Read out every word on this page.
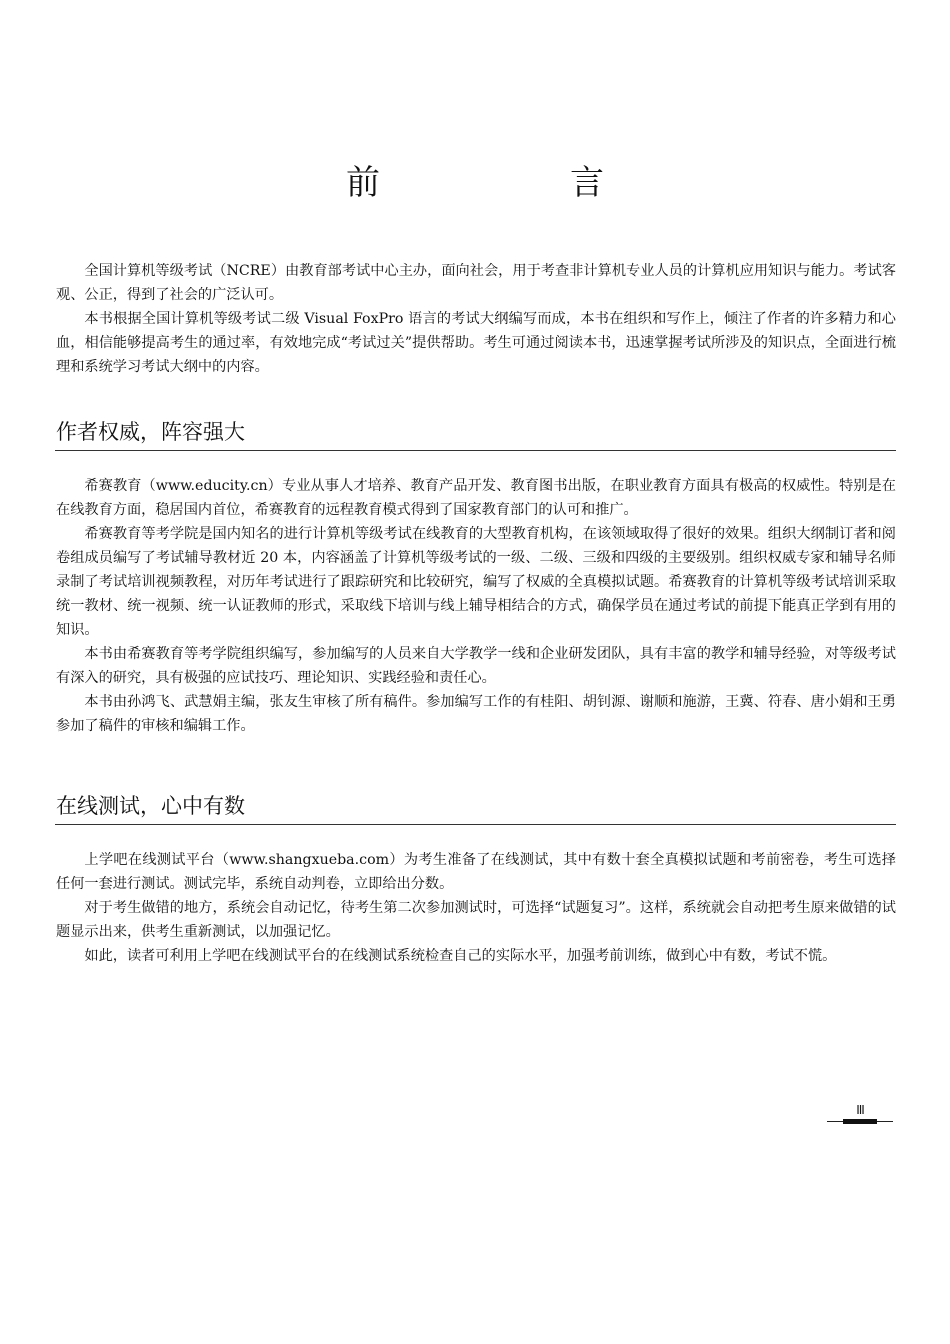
前　言

全国计算机等级考试（NCRE）由教育部考试中心主办，面向社会，用于考查非计算机专业人员的计算机应用知识与能力。考试客观、公正，得到了社会的广泛认可。

本书根据全国计算机等级考试二级 Visual FoxPro 语言的考试大纲编写而成，本书在组织和写作上，倾注了作者的许多精力和心血，相信能够提高考生的通过率，有效地完成“考试过关”提供帮助。考生可通过阅读本书，迅速掌握考试所涉及的知识点，全面进行梳理和系统学习考试大纲中的内容。

作者权威，阵容强大

希赛教育（www.educity.cn）专业从事人才培养、教育产品开发、教育图书出版，在职业教育方面具有极高的权威性。特别是在在线教育方面，稳居国内首位，希赛教育的远程教育模式得到了国家教育部门的认可和推广。

希赛教育等考学院是国内知名的进行计算机等级考试在线教育的大型教育机构，在该领域取得了很好的效果。组织大纲制订者和阅卷组成员编写了考试辅导教材近 20 本，内容涵盖了计算机等级考试的一级、二级、三级和四级的主要级别。组织权威专家和辅导名师录制了考试培训视频教程，对历年考试进行了跟踪研究和比较研究，编写了权威的全真模拟试题。希赛教育的计算机等级考试培训采取统一教材、统一视频、统一认证教师的形式，采取线下培训与线上辅导相结合的方式，确保学员在通过考试的前提下能真正学到有用的知识。

本书由希赛教育等考学院组织编写，参加编写的人员来自大学教学一线和企业研发团队，具有丰富的教学和辅导经验，对等级考试有深入的研究，具有极强的应试技巧、理论知识、实践经验和责任心。

本书由孙鸿飞、武慧娟主编，张友生审核了所有稿件。参加编写工作的有桂阳、胡钊源、谢顺和施游，王冀、符春、唐小娟和王勇参加了稿件的审核和编辑工作。

在线测试，心中有数

上学吧在线测试平台（www.shangxueba.com）为考生准备了在线测试，其中有数十套全真模拟试题和考前密卷，考生可选择任何一套进行测试。测试完毕，系统自动判卷，立即给出分数。

对于考生做错的地方，系统会自动记忆，待考生第二次参加测试时，可选择“试题复习”。这样，系统就会自动把考生原来做错的试题显示出来，供考生重新测试，以加强记忆。

如此，读者可利用上学吧在线测试平台的在线测试系统检查自己的实际水平，加强考前训练，做到心中有数，考试不慌。

III
